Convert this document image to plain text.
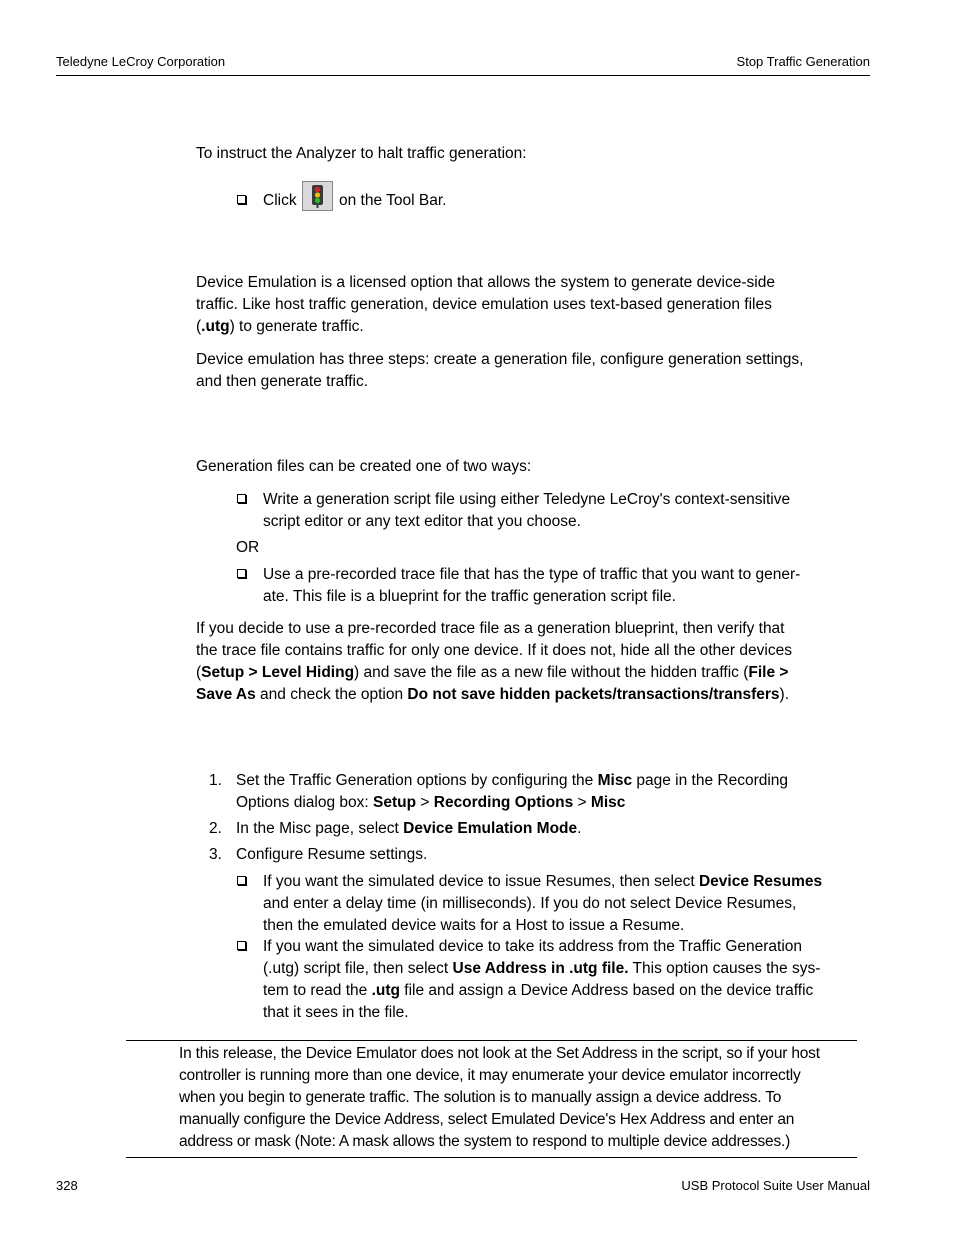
Teledyne LeCroy Corporation	Stop Traffic Generation

To instruct the Analyzer to halt traffic generation:

Click	on the Tool Bar.
Device Emulation is a licensed option that allows the system to generate device-side
traffic. Like host traffic generation, device emulation uses text-based generation files
(.utg) to generate traffic.
Device emulation has three steps: create a generation file, configure generation settings,
and then generate traffic.

Generation files can be created one of two ways:

Write a generation script file using either Teledyne LeCroy's context-sensitive
script editor or any text editor that you choose.

OR

Use a pre-recorded trace file that has the type of traffic that you want to gener-
ate. This file is a blueprint for the traffic generation script file.
If you decide to use a pre-recorded trace file as a generation blueprint, then verify that
the trace file contains traffic for only one device. If it does not, hide all the other devices
(Setup > Level Hiding) and save the file as a new file without the hidden traffic (File >
Save As and check the option Do not save hidden packets/transactions/transfers).
1. Set the Traffic Generation options by configuring the Misc page in the Recording
Options dialog box: Setup > Recording Options > Misc
2. In the Misc page, select Device Emulation Mode.
3. Configure Resume settings.
If you want the simulated device to issue Resumes, then select Device Resumes
and enter a delay time (in milliseconds). If you do not select Device Resumes,
then the emulated device waits for a Host to issue a Resume.
If you want the simulated device to take its address from the Traffic Generation
(.utg) script file, then select Use Address in .utg file. This option causes the sys-
tem to read the .utg file and assign a Device Address based on the device traffic
that it sees in the file.
In this release, the Device Emulator does not look at the Set Address in the script, so if your host
controller is running more than one device, it may enumerate your device emulator incorrectly
when you begin to generate traffic. The solution is to manually assign a device address. To
manually configure the Device Address, select Emulated Device's Hex Address and enter an
address or mask (Note: A mask allows the system to respond to multiple device addresses.)
328	USB Protocol Suite User Manual
